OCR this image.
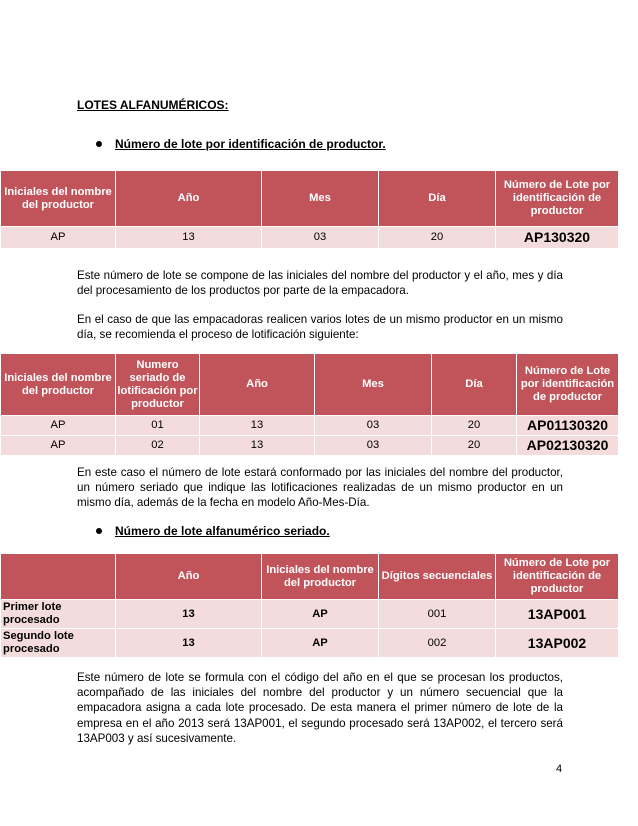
LOTES ALFANUMÉRICOS:
Número de lote por identificación de productor.
Iniciales del nombre del productor	Año	Mes	Día	Número de Lote por identificación de productor
AP	13	03	20	AP130320
Este número de lote se compone de las iniciales del nombre del productor y el año, mes y día del procesamiento de los productos por parte de la empacadora.
En el caso de que las empacadoras realicen varios lotes de un mismo productor en un mismo día, se recomienda el proceso de lotificación siguiente:
Iniciales del nombre del productor	Numero seriado de lotificación por productor	Año	Mes	Día	Número de Lote por identificación de productor
AP	01	13	03	20	AP01130320
AP	02	13	03	20	AP02130320
En este caso el número de lote estará conformado por las iniciales del nombre del productor, un número seriado que indique las lotificaciones realizadas de un mismo productor en un mismo día, además de la fecha en modelo Año-Mes-Día.
Número de lote alfanumérico seriado.
	Año	Iniciales del nombre del productor	Dígitos secuenciales	Número de Lote por identificación de productor
Primer lote procesado	13	AP	001	13AP001
Segundo lote procesado	13	AP	002	13AP002
Este número de lote se formula con el código del año en el que se procesan los productos, acompañado de las iniciales del nombre del productor y un número secuencial que la empacadora asigna a cada lote procesado. De esta manera el primer número de lote de la empresa en el año 2013 será 13AP001, el segundo procesado será 13AP002, el tercero será 13AP003 y así sucesivamente.
4
